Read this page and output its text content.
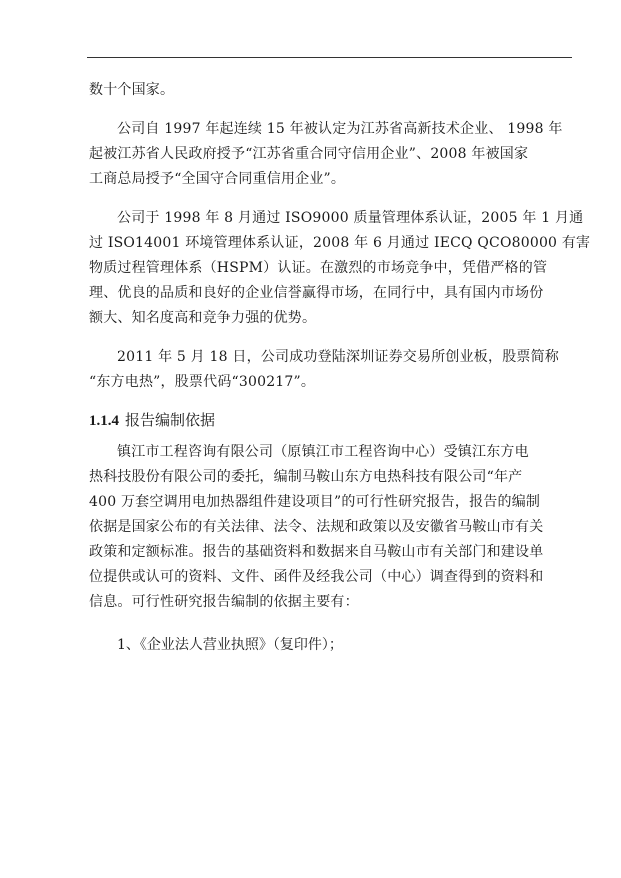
数十个国家。
公司自 1997 年起连续 15 年被认定为江苏省高新技术企业、 1998 年
起被江苏省人民政府授予“江苏省重合同守信用企业”、2008 年被国家
工商总局授予“全国守合同重信用企业”。
公司于 1998 年 8 月通过 ISO9000 质量管理体系认证，2005 年 1 月通
过 ISO14001 环境管理体系认证，2008 年 6 月通过 IECQ QCO80000 有害
物质过程管理体系（HSPM）认证。在激烈的市场竞争中，凭借严格的管
理、优良的品质和良好的企业信誉赢得市场，在同行中，具有国内市场份
额大、知名度高和竞争力强的优势。
2011 年 5 月 18 日，公司成功登陆深圳证券交易所创业板，股票简称
“东方电热”，股票代码“300217”。
1.1.4 报告编制依据
镇江市工程咨询有限公司（原镇江市工程咨询中心）受镇江东方电
热科技股份有限公司的委托，编制马鞍山东方电热科技有限公司“年产
400 万套空调用电加热器组件建设项目”的可行性研究报告，报告的编制
依据是国家公布的有关法律、法令、法规和政策以及安徽省马鞍山市有关
政策和定额标准。报告的基础资料和数据来自马鞍山市有关部门和建设单
位提供或认可的资料、文件、函件及经我公司（中心）调查得到的资料和
信息。可行性研究报告编制的依据主要有：
1、《企业法人营业执照》（复印件）；
